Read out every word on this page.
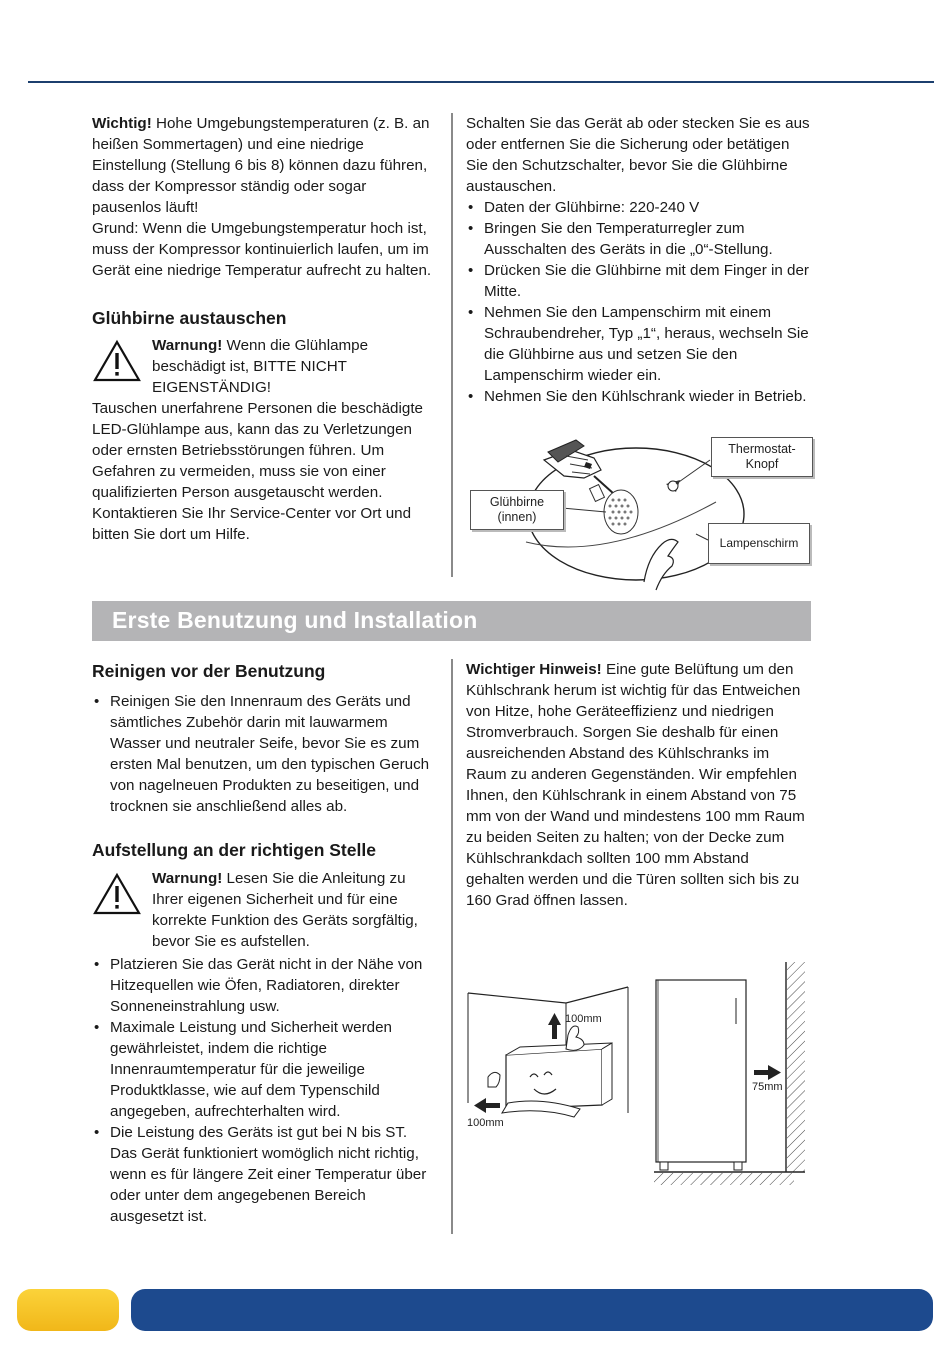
Wichtig! Hohe Umgebungstemperaturen (z. B. an heißen Sommertagen) und eine niedrige Einstellung (Stellung 6 bis 8) können dazu führen, dass der Kompressor ständig oder sogar pausenlos läuft!

Grund: Wenn die Umgebungstemperatur hoch ist, muss der Kompressor kontinuierlich laufen, um im Gerät eine niedrige Temperatur aufrecht zu halten.

Glühbirne austauschen

Warnung! Wenn die Glühlampe beschädigt ist, BITTE NICHT EIGENSTÄNDIG!

Tauschen unerfahrene Personen die beschädigte LED-Glühlampe aus, kann das zu Verletzungen oder ernsten Betriebsstörungen führen. Um Gefahren zu vermeiden, muss sie von einer qualifizierten Person ausgetauscht werden. Kontaktieren Sie Ihr Service-Center vor Ort und bitten Sie dort um Hilfe.

Schalten Sie das Gerät ab oder stecken Sie es aus oder entfernen Sie die Sicherung oder betätigen Sie den Schutzschalter, bevor Sie die Glühbirne austauschen.

• Daten der Glühbirne: 220-240 V
• Bringen Sie den Temperaturregler zum Ausschalten des Geräts in die „0“-Stellung.
• Drücken Sie die Glühbirne mit dem Finger in der Mitte.
• Nehmen Sie den Lampenschirm mit einem Schraubendreher, Typ „1“, heraus, wechseln Sie die Glühbirne aus und setzen Sie den Lampenschirm wieder ein.
• Nehmen Sie den Kühlschrank wieder in Betrieb.
Thermostat-Knopf
Glühbirne (innen)
Lampenschirm
Erste Benutzung und Installation
Reinigen vor der Benutzung
• Reinigen Sie den Innenraum des Geräts und sämtliches Zubehör darin mit lauwarmem Wasser und neutraler Seife, bevor Sie es zum ersten Mal benutzen, um den typischen Geruch von nagelneuen Produkten zu beseitigen, und trocknen sie anschließend alles ab.
Aufstellung an der richtigen Stelle

Warnung! Lesen Sie die Anleitung zu Ihrer eigenen Sicherheit und für eine korrekte Funktion des Geräts sorgfältig, bevor Sie es aufstellen.

• Platzieren Sie das Gerät nicht in der Nähe von Hitzequellen wie Öfen, Radiatoren, direkter Sonneneinstrahlung usw.
• Maximale Leistung und Sicherheit werden gewährleistet, indem die richtige Innenraumtemperatur für die jeweilige Produktklasse, wie auf dem Typenschild angegeben, aufrechterhalten wird.
• Die Leistung des Geräts ist gut bei N bis ST. Das Gerät funktioniert womöglich nicht richtig, wenn es für längere Zeit einer Temperatur über oder unter dem angegebenen Bereich ausgesetzt ist.

Wichtiger Hinweis! Eine gute Belüftung um den Kühlschrank herum ist wichtig für das Entweichen von Hitze, hohe Geräteeffizienz und niedrigen Stromverbrauch. Sorgen Sie deshalb für einen ausreichenden Abstand des Kühlschranks im Raum zu anderen Gegenständen. Wir empfehlen Ihnen, den Kühlschrank in einem Abstand von 75 mm von der Wand und mindestens 100 mm Raum zu beiden Seiten zu halten; von der Decke zum Kühlschrankdach sollten 100 mm Abstand gehalten werden und die Türen sollten sich bis zu 160 Grad öffnen lassen.

100mm
100mm
75mm
